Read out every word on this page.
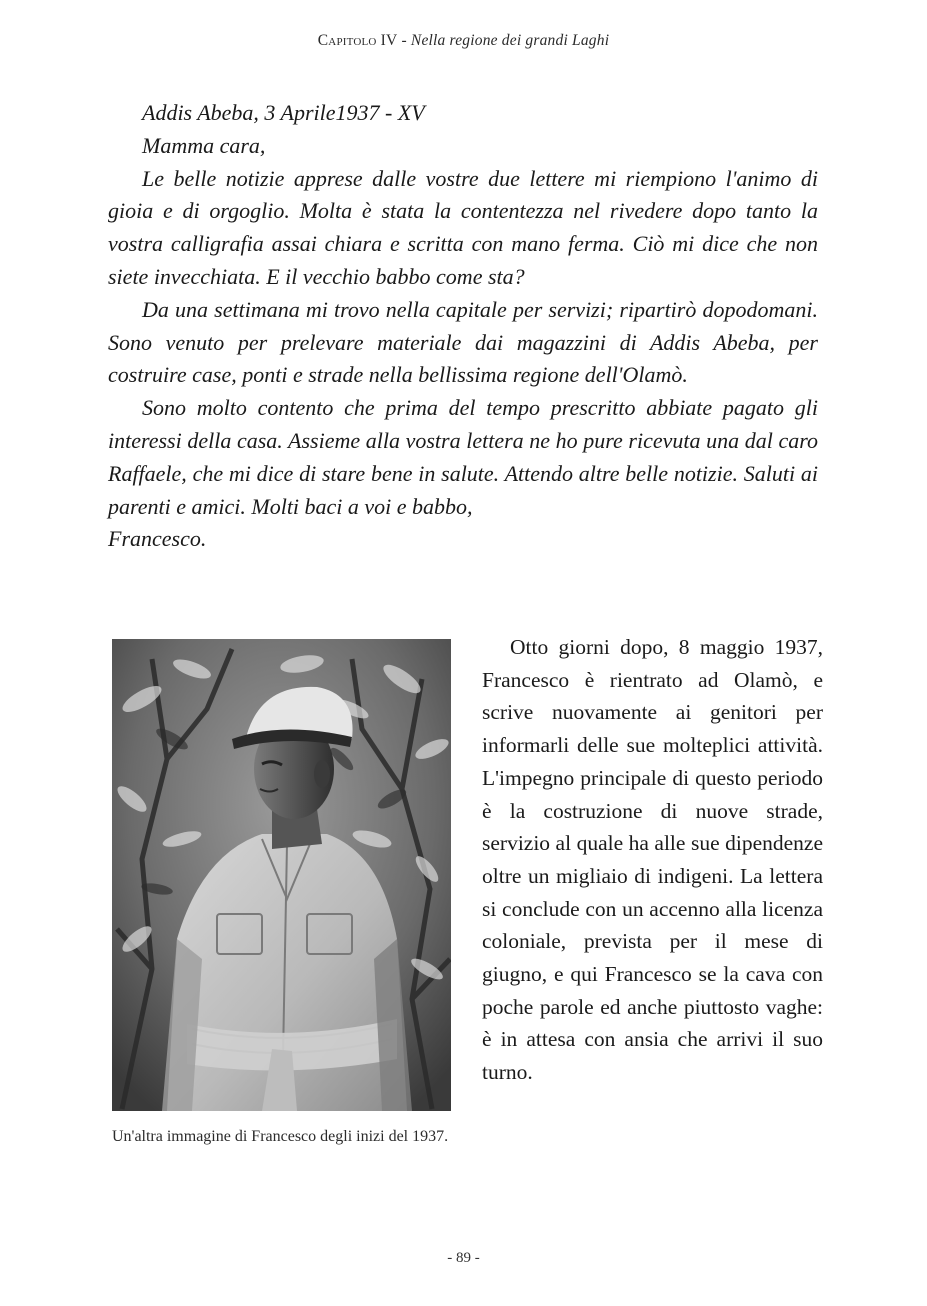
Capitolo IV - Nella regione dei grandi Laghi

Addis Abeba, 3 Aprile1937 - XV

Mamma cara,

Le belle notizie apprese dalle vostre due lettere mi riempiono l'animo di gioia e di orgoglio. Molta è stata la contentezza nel rivedere dopo tanto la vostra calligrafia assai chiara e scritta con mano ferma. Ciò mi dice che non siete invecchiata. E il vecchio babbo come sta?

Da una settimana mi trovo nella capitale per servizi; ripartirò dopodomani. Sono venuto per prelevare materiale dai magazzini di Addis Abeba, per costruire case, ponti e strade nella bellissima regione dell'Olamò.

Sono molto contento che prima del tempo prescritto abbiate pagato gli interessi della casa. Assieme alla vostra lettera ne ho pure ricevuta una dal caro Raffaele, che mi dice di stare bene in salute. Attendo altre belle notizie. Saluti ai parenti e amici. Molti baci a voi e babbo,

Francesco.

Un'altra immagine di Francesco degli inizi del 1937.

Otto giorni dopo, 8 maggio 1937, Francesco è rientrato ad Olamò, e scrive nuovamente ai genitori per informarli delle sue molteplici attività. L'impegno principale di questo periodo è la costruzione di nuove strade, servizio al quale ha alle sue dipendenze oltre un migliaio di indigeni. La lettera si conclude con un accenno alla licenza coloniale, prevista per il mese di giugno, e qui Francesco se la cava con poche parole ed anche piuttosto vaghe: è in attesa con ansia che arrivi il suo turno.

- 89 -
